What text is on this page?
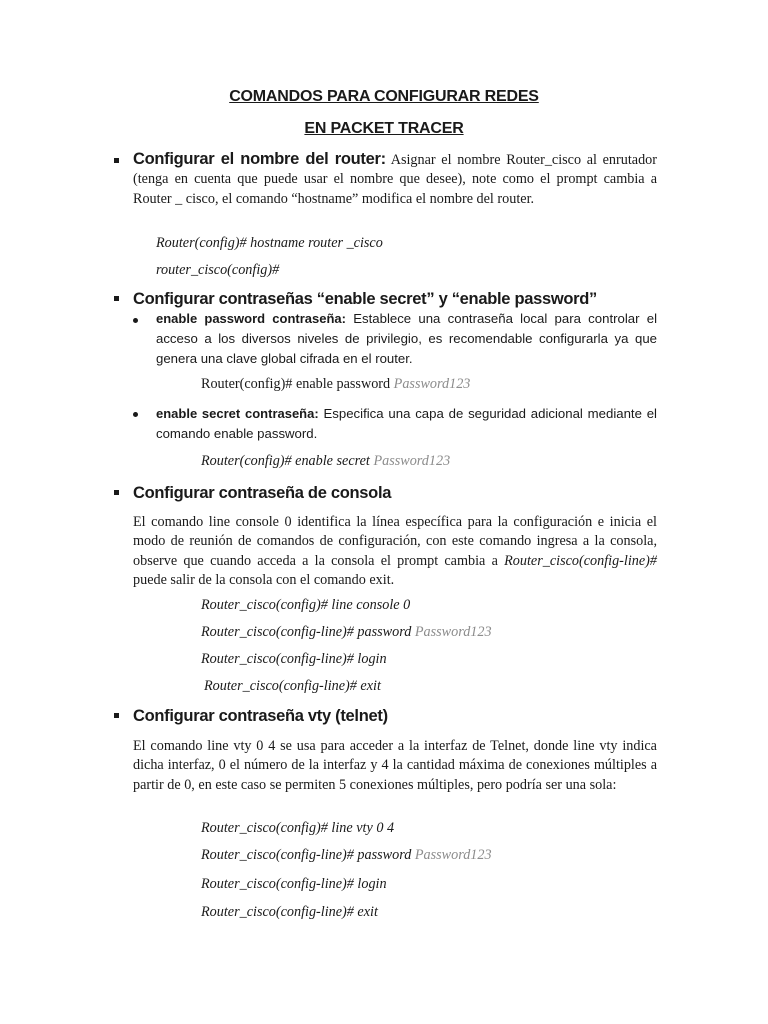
COMANDOS PARA CONFIGURAR REDES
EN PACKET TRACER

Configurar el nombre del router: Asignar el nombre Router_cisco al enrutador (tenga en cuenta que puede usar el nombre que desee), note como el prompt cambia a Router _ cisco, el comando “hostname” modifica el nombre del router.

Router(config)# hostname router _cisco
router_cisco(config)#
Configurar contraseñas “enable secret” y “enable password”

enable password contraseña: Establece una contraseña local para controlar el acceso a los diversos niveles de privilegio, es recomendable configurarla ya que genera una clave global cifrada en el router.

Router(config)# enable password Password123

enable secret contraseña: Especifica una capa de seguridad adicional mediante el comando enable password.

Router(config)# enable secret Password123
Configurar contraseña de consola

El comando line console 0 identifica la línea específica para la configuración e inicia el modo de reunión de comandos de configuración, con este comando ingresa a la consola, observe que cuando acceda a la consola el prompt cambia a Router_cisco(config-line)# puede salir de la consola con el comando exit.

Router_cisco(config)# line console 0
Router_cisco(config-line)# password Password123
Router_cisco(config-line)# login
Router_cisco(config-line)# exit
Configurar contraseña vty (telnet)

El comando line vty 0 4 se usa para acceder a la interfaz de Telnet, donde line vty indica dicha interfaz, 0 el número de la interfaz y 4 la cantidad máxima de conexiones múltiples a partir de 0, en este caso se permiten 5 conexiones múltiples, pero podría ser una sola:

Router_cisco(config)# line vty 0 4
Router_cisco(config-line)# password Password123
Router_cisco(config-line)# login
Router_cisco(config-line)# exit
